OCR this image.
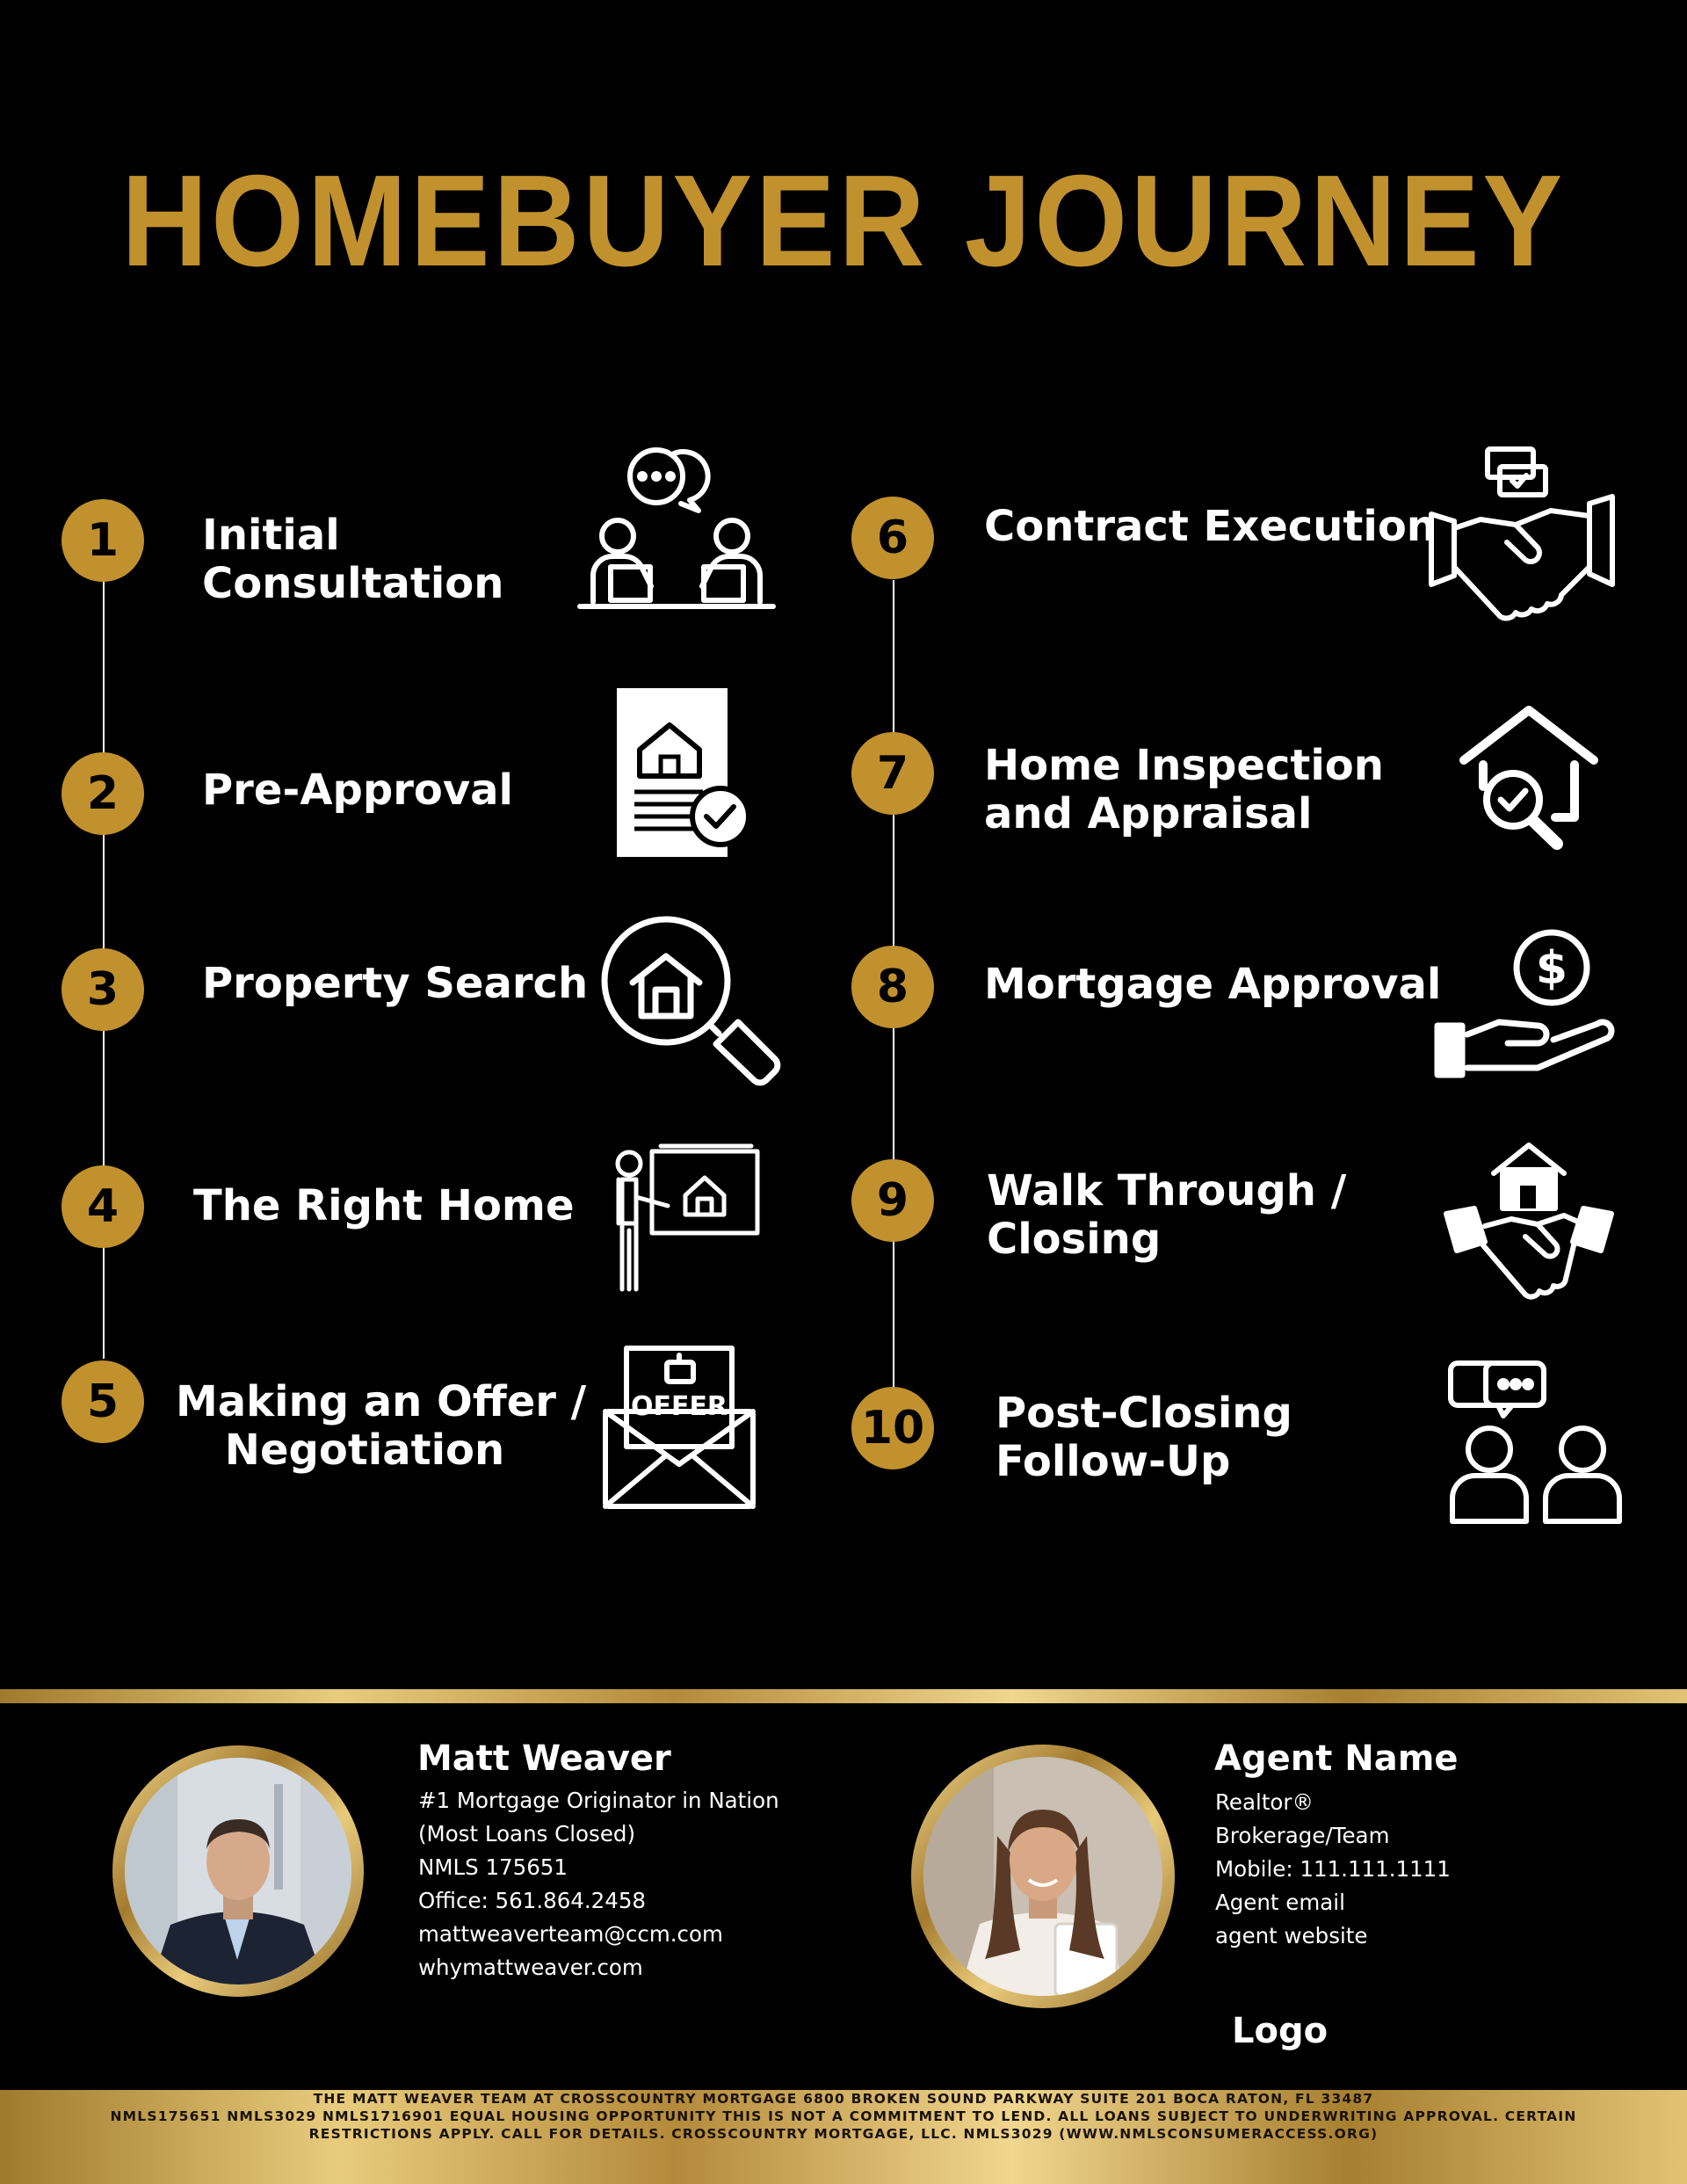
HOMEBUYER JOURNEY
1	Initial
Consultation
2	Pre-Approval
3	Property Search
4	The Right Home
5	Making an Offer /
Negotiation
6	Contract Execution
7	Home Inspection
and Appraisal
8	Mortgage Approval
9	Walk Through /
Closing
10 Post-Closing
Follow-Up
OFFER
$
Matt Weaver
#1 Mortgage Originator in Nation
(Most Loans Closed)
NMLS 175651
Office: 561.864.2458
mattweaverteam@ccm.com
whymattweaver.com
Agent Name
Realtor®
Brokerage/Team
Mobile: 111.111.1111
Agent email
agent website
Logo
THE MATT WEAVER TEAM AT CROSSCOUNTRY MORTGAGE 6800 BROKEN SOUND PARKWAY SUITE 201 BOCA RATON, FL 33487
NMLS175651 NMLS3029 NMLS1716901 EQUAL HOUSING OPPORTUNITY THIS IS NOT A COMMITMENT TO LEND. ALL LOANS SUBJECT TO UNDERWRITING APPROVAL. CERTAIN
RESTRICTIONS APPLY. CALL FOR DETAILS. CROSSCOUNTRY MORTGAGE, LLC. NMLS3029 (WWW.NMLSCONSUMERACCESS.ORG)
